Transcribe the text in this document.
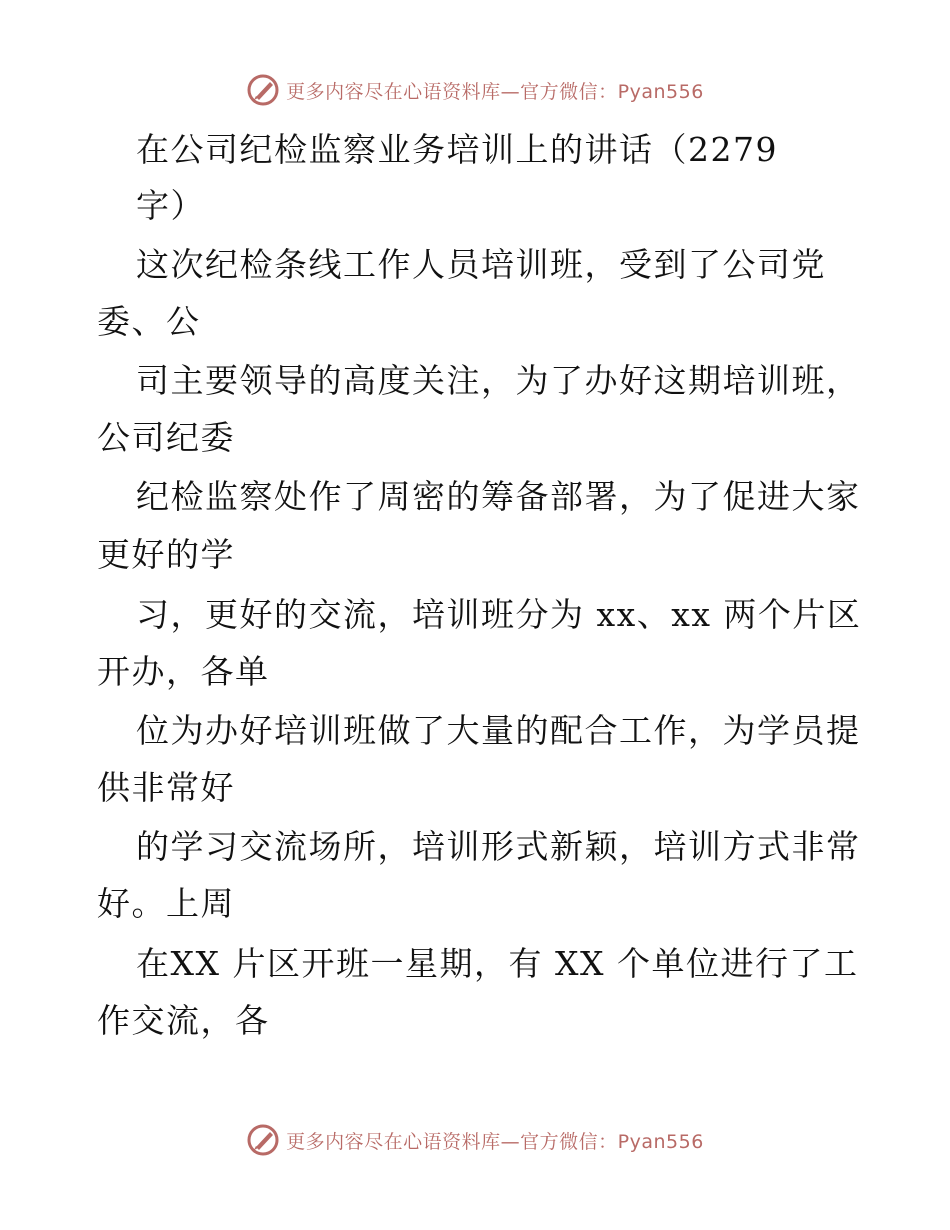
更多内容尽在心语资料库—官方微信：Pyan556
在公司纪检监察业务培训上的讲话（2279
字）
这次纪检条线工作人员培训班，受到了公司党
委、公
司主要领导的高度关注，为了办好这期培训班，
公司纪委
纪检监察处作了周密的筹备部署，为了促进大家
更好的学
习，更好的交流，培训班分为 xx、xx 两个片区
开办，各单
位为办好培训班做了大量的配合工作，为学员提
供非常好
的学习交流场所，培训形式新颖，培训方式非常
好。上周
在XX 片区开班一星期，有 XX 个单位进行了工
作交流，各
更多内容尽在心语资料库—官方微信：Pyan556
